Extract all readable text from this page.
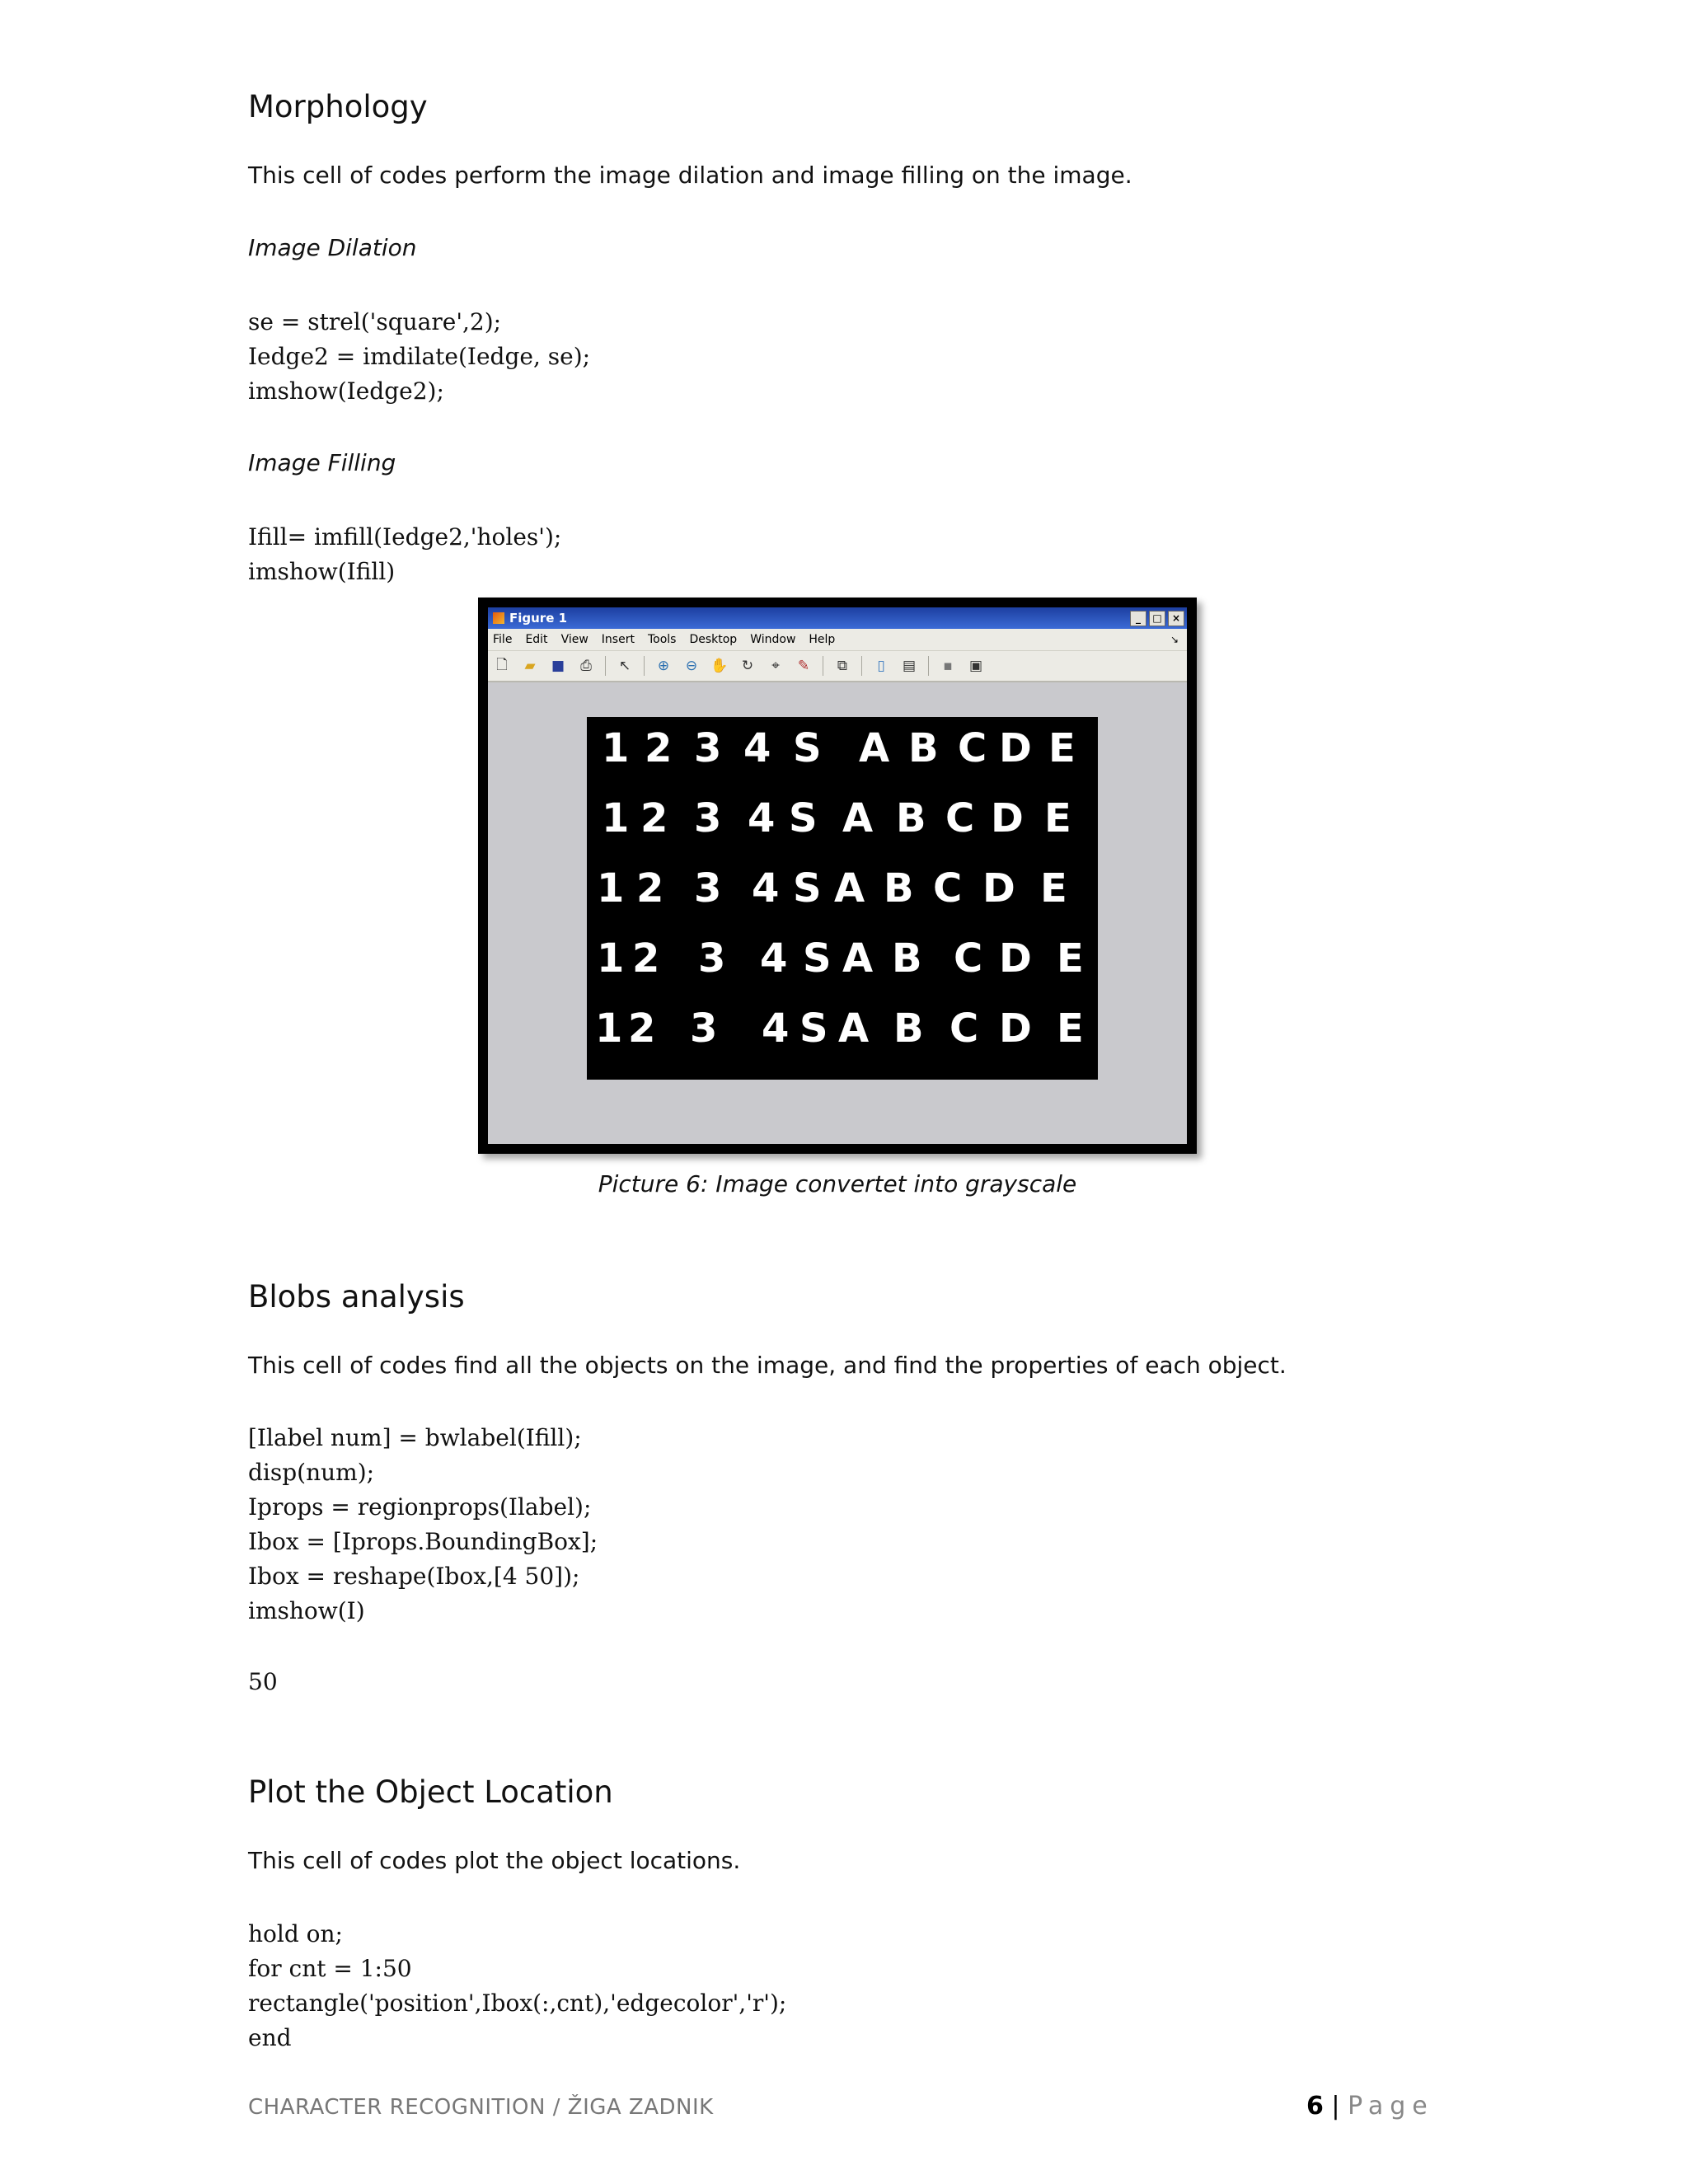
Morphology
This cell of codes perform the image dilation and image filling on the image.
Image Dilation
se = strel('square',2);
Iedge2 = imdilate(Iedge, se);
imshow(Iedge2);
Image Filling
Ifill= imfill(Iedge2,'holes');
imshow(Ifill)
Figure 1	_	□	×
File Edit View Insert Tools Desktop Window Help	↘
🗋 ▰ ■ ⎙ ↖ ⊕ ⊖ ✋ ↻	⌖	✎ ⧉	▯	▤	▪	▣
1 2 3 4 S A B C D E
1 2 3 4 S A B C D E
1 2 3 4 S A B C D E
1 2 3 4 S A B C D E
1 2 3 4 S A B C D E
Picture 6: Image convertet into grayscale
Blobs analysis
This cell of codes find all the objects on the image, and find the properties of each object.
[Ilabel num] = bwlabel(Ifill);
disp(num);
Iprops = regionprops(Ilabel);
Ibox = [Iprops.BoundingBox];
Ibox = reshape(Ibox,[4 50]);
imshow(I)
50
Plot the Object Location
This cell of codes plot the object locations.
hold on;
for cnt = 1:50
rectangle('position',Ibox(:,cnt),'edgecolor','r');
end
CHARACTER RECOGNITION / ŽIGA ZADNIK	6 | Page
